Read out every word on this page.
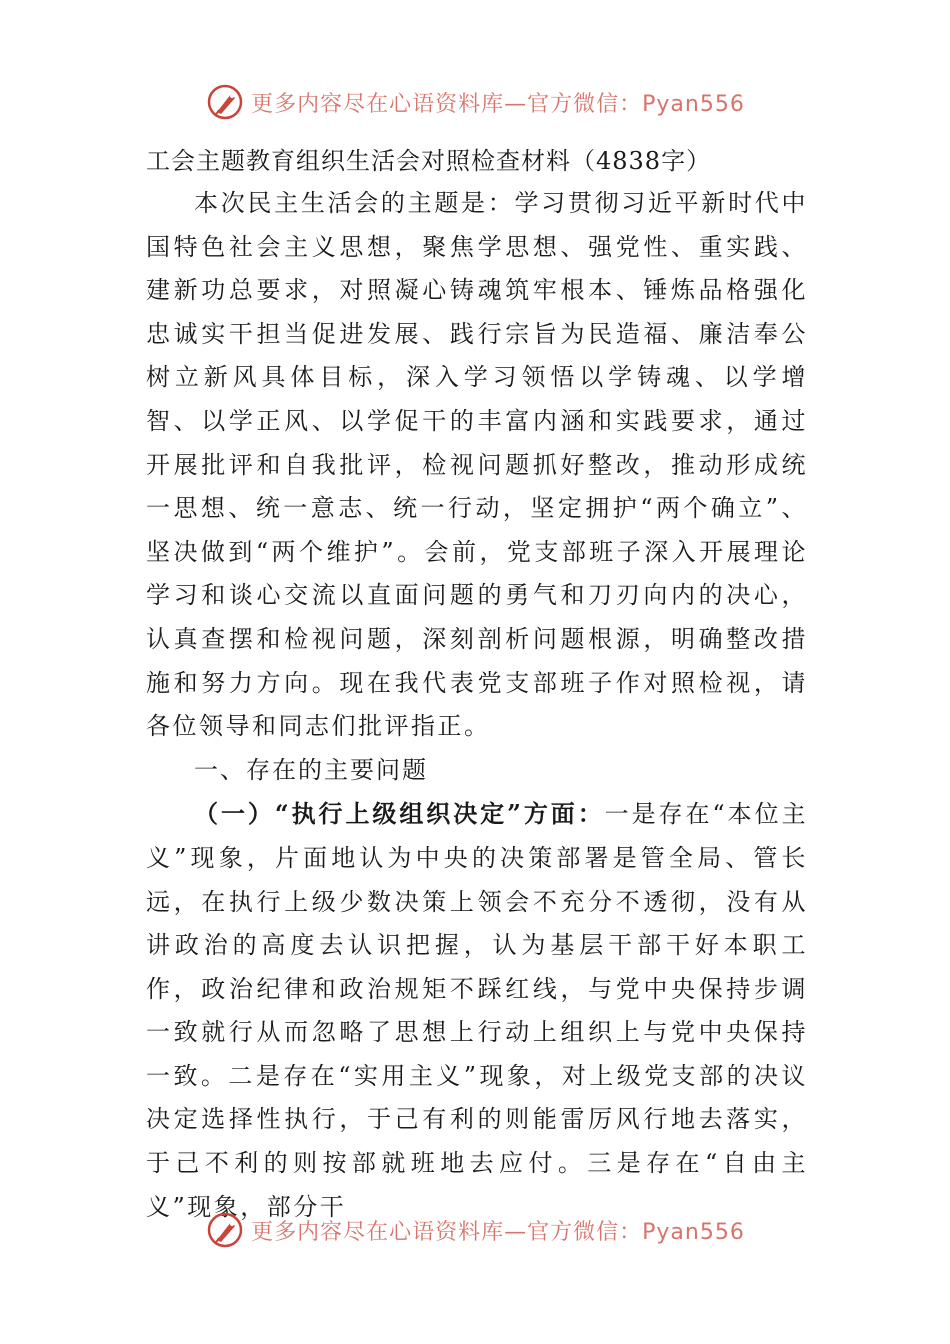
更多内容尽在心语资料库—官方微信：Pyan556

工会主题教育组织生活会对照检查材料（4838字）

本次民主生活会的主题是：学习贯彻习近平新时代中国特色社会主义思想，聚焦学思想、强党性、重实践、建新功总要求，对照凝心铸魂筑牢根本、锤炼品格强化忠诚实干担当促进发展、践行宗旨为民造福、廉洁奉公树立新风具体目标，深入学习领悟以学铸魂、以学增智、以学正风、以学促干的丰富内涵和实践要求，通过开展批评和自我批评，检视问题抓好整改，推动形成统一思想、统一意志、统一行动，坚定拥护“两个确立”、坚决做到“两个维护”。会前，党支部班子深入开展理论学习和谈心交流以直面问题的勇气和刀刃向内的决心，认真查摆和检视问题，深刻剖析问题根源，明确整改措施和努力方向。现在我代表党支部班子作对照检视，请各位领导和同志们批评指正。

一、存在的主要问题

（一）“执行上级组织决定”方面：一是存在“本位主义”现象，片面地认为中央的决策部署是管全局、管长远，在执行上级少数决策上领会不充分不透彻，没有从讲政治的高度去认识把握，认为基层干部干好本职工作，政治纪律和政治规矩不踩红线，与党中央保持步调一致就行从而忽略了思想上行动上组织上与党中央保持一致。二是存在“实用主义”现象，对上级党支部的决议决定选择性执行，于己有利的则能雷厉风行地去落实，于己不利的则按部就班地去应付。三是存在“自由主义”现象，部分干

更多内容尽在心语资料库—官方微信：Pyan556
